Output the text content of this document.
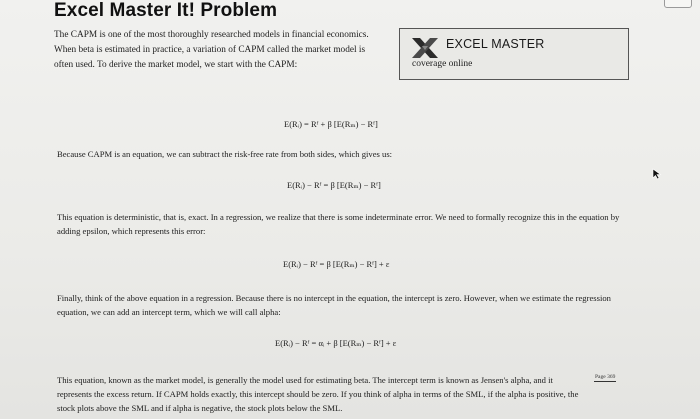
Excel Master It! Problem
The CAPM is one of the most thoroughly researched models in financial economics. When beta is estimated in practice, a variation of CAPM called the market model is often used. To derive the market model, we start with the CAPM:
EXCEL MASTER
coverage online
E(Rᵢ) = Rᶠ + β [E(Rₘ) − Rᶠ]
Because CAPM is an equation, we can subtract the risk-free rate from both sides, which gives us:
E(Rᵢ) − Rᶠ = β [E(Rₘ) − Rᶠ]
This equation is deterministic, that is, exact. In a regression, we realize that there is some indeterminate error. We need to formally recognize this in the equation by adding epsilon, which represents this error:
E(Rᵢ) − Rᶠ = β [E(Rₘ) − Rᶠ] + ε
Finally, think of the above equation in a regression. Because there is no intercept in the equation, the intercept is zero. However, when we estimate the regression equation, we can add an intercept term, which we will call alpha:
E(Rᵢ) − Rᶠ = αᵢ + β [E(Rₘ) − Rᶠ] + ε
This equation, known as the market model, is generally the model used for estimating beta. The intercept term is known as Jensen's alpha, and it represents the excess return. If CAPM holds exactly, this intercept should be zero. If you think of alpha in terms of the SML, if the alpha is positive, the stock plots above the SML and if alpha is negative, the stock plots below the SML.
Page 369
